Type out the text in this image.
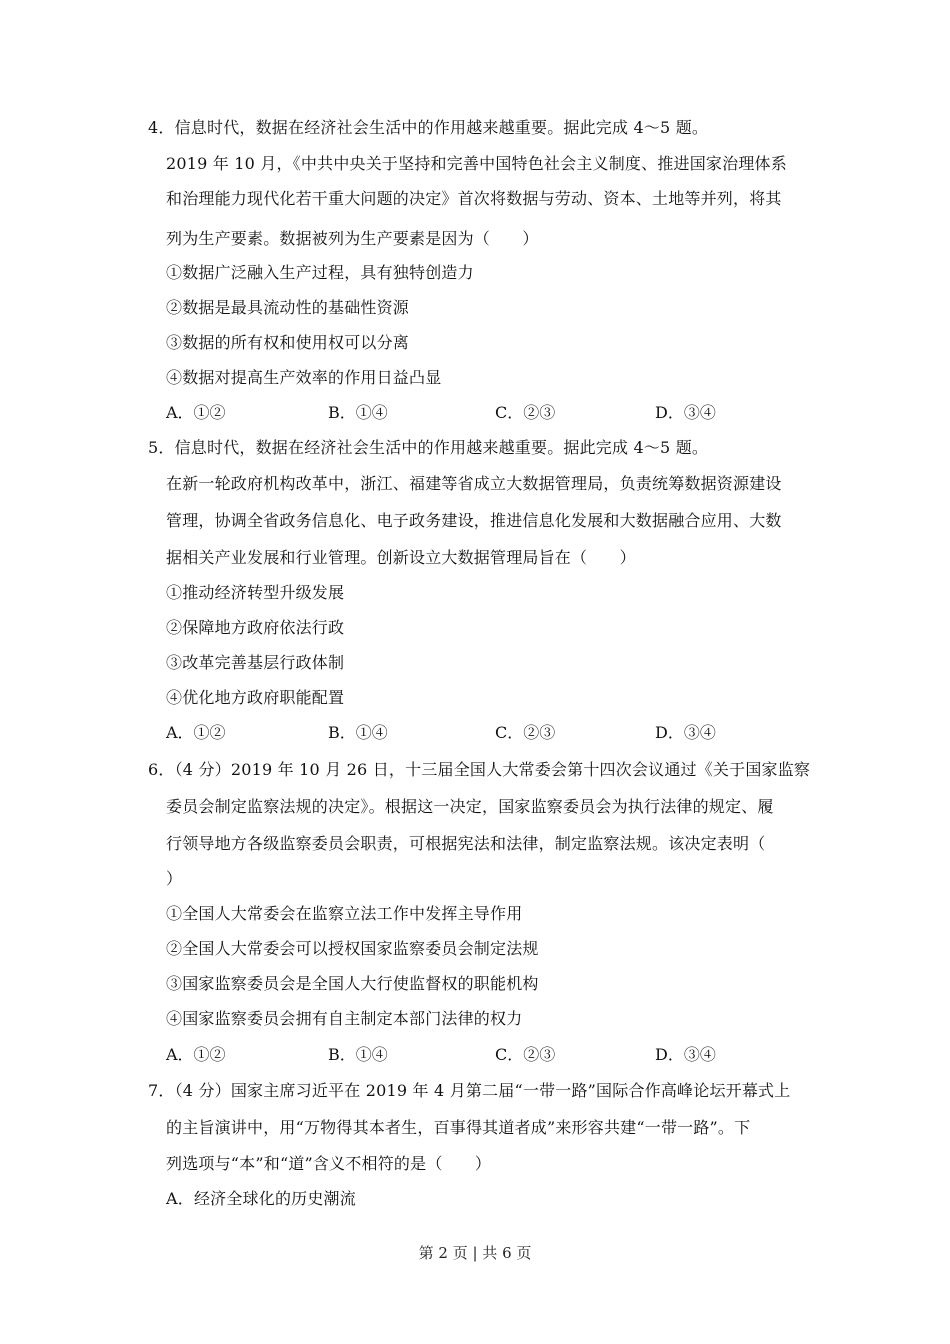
4．信息时代，数据在经济社会生活中的作用越来越重要。据此完成 4～5 题。
2019 年 10 月，《中共中央关于坚持和完善中国特色社会主义制度、推进国家治理体系
和治理能力现代化若干重大问题的决定》首次将数据与劳动、资本、土地等并列，将其
列为生产要素。数据被列为生产要素是因为（　　）
①数据广泛融入生产过程，具有独特创造力
②数据是最具流动性的基础性资源
③数据的所有权和使用权可以分离
④数据对提高生产效率的作用日益凸显
A．①②	B．①④	C．②③	D．③④
5．信息时代，数据在经济社会生活中的作用越来越重要。据此完成 4～5 题。
在新一轮政府机构改革中，浙江、福建等省成立大数据管理局，负责统筹数据资源建设
管理，协调全省政务信息化、电子政务建设，推进信息化发展和大数据融合应用、大数
据相关产业发展和行业管理。创新设立大数据管理局旨在（　　）
①推动经济转型升级发展
②保障地方政府依法行政
③改革完善基层行政体制
④优化地方政府职能配置
A．①②	B．①④	C．②③	D．③④
6．（4 分）2019 年 10 月 26 日，十三届全国人大常委会第十四次会议通过《关于国家监察
委员会制定监察法规的决定》。根据这一决定，国家监察委员会为执行法律的规定、履
行领导地方各级监察委员会职责，可根据宪法和法律，制定监察法规。该决定表明（
）
①全国人大常委会在监察立法工作中发挥主导作用
②全国人大常委会可以授权国家监察委员会制定法规
③国家监察委员会是全国人大行使监督权的职能机构
④国家监察委员会拥有自主制定本部门法律的权力
A．①②	B．①④	C．②③	D．③④
7．（4 分）国家主席习近平在 2019 年 4 月第二届“一带一路”国际合作高峰论坛开幕式上
的主旨演讲中，用“万物得其本者生，百事得其道者成”来形容共建“一带一路”。下
列选项与“本”和“道”含义不相符的是（　　）
A．经济全球化的历史潮流
第 2 页 | 共 6 页
